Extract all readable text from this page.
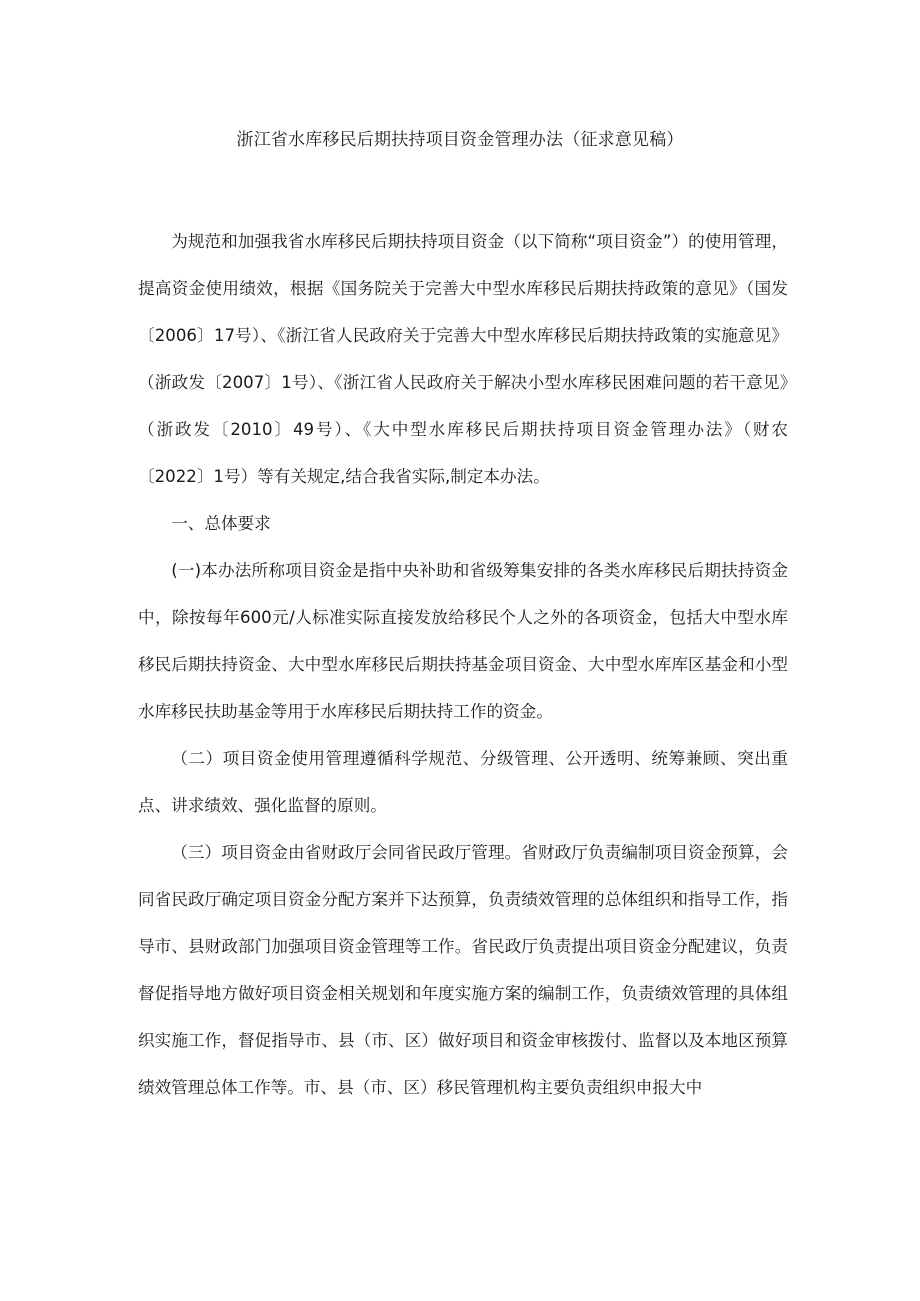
浙江省水库移民后期扶持项目资金管理办法（征求意见稿）

为规范和加强我省水库移民后期扶持项目资金（以下简称“项目资金”）的使用管理，提高资金使用绩效，根据《国务院关于完善大中型水库移民后期扶持政策的意见》（国发〔2006〕17号）、《浙江省人民政府关于完善大中型水库移民后期扶持政策的实施意见》（浙政发〔2007〕1号）、《浙江省人民政府关于解决小型水库移民困难问题的若干意见》（浙政发〔2010〕49号）、《大中型水库移民后期扶持项目资金管理办法》（财农〔2022〕1号）等有关规定,结合我省实际,制定本办法。

一、总体要求

(一)本办法所称项目资金是指中央补助和省级筹集安排的各类水库移民后期扶持资金中，除按每年600元/人标准实际直接发放给移民个人之外的各项资金，包括大中型水库移民后期扶持资金、大中型水库移民后期扶持基金项目资金、大中型水库库区基金和小型水库移民扶助基金等用于水库移民后期扶持工作的资金。

（二）项目资金使用管理遵循科学规范、分级管理、公开透明、统筹兼顾、突出重点、讲求绩效、强化监督的原则。

（三）项目资金由省财政厅会同省民政厅管理。省财政厅负责编制项目资金预算，会同省民政厅确定项目资金分配方案并下达预算，负责绩效管理的总体组织和指导工作，指导市、县财政部门加强项目资金管理等工作。省民政厅负责提出项目资金分配建议，负责督促指导地方做好项目资金相关规划和年度实施方案的编制工作，负责绩效管理的具体组织实施工作，督促指导市、县（市、区）做好项目和资金审核拨付、监督以及本地区预算绩效管理总体工作等。市、县（市、区）移民管理机构主要负责组织申报大中
